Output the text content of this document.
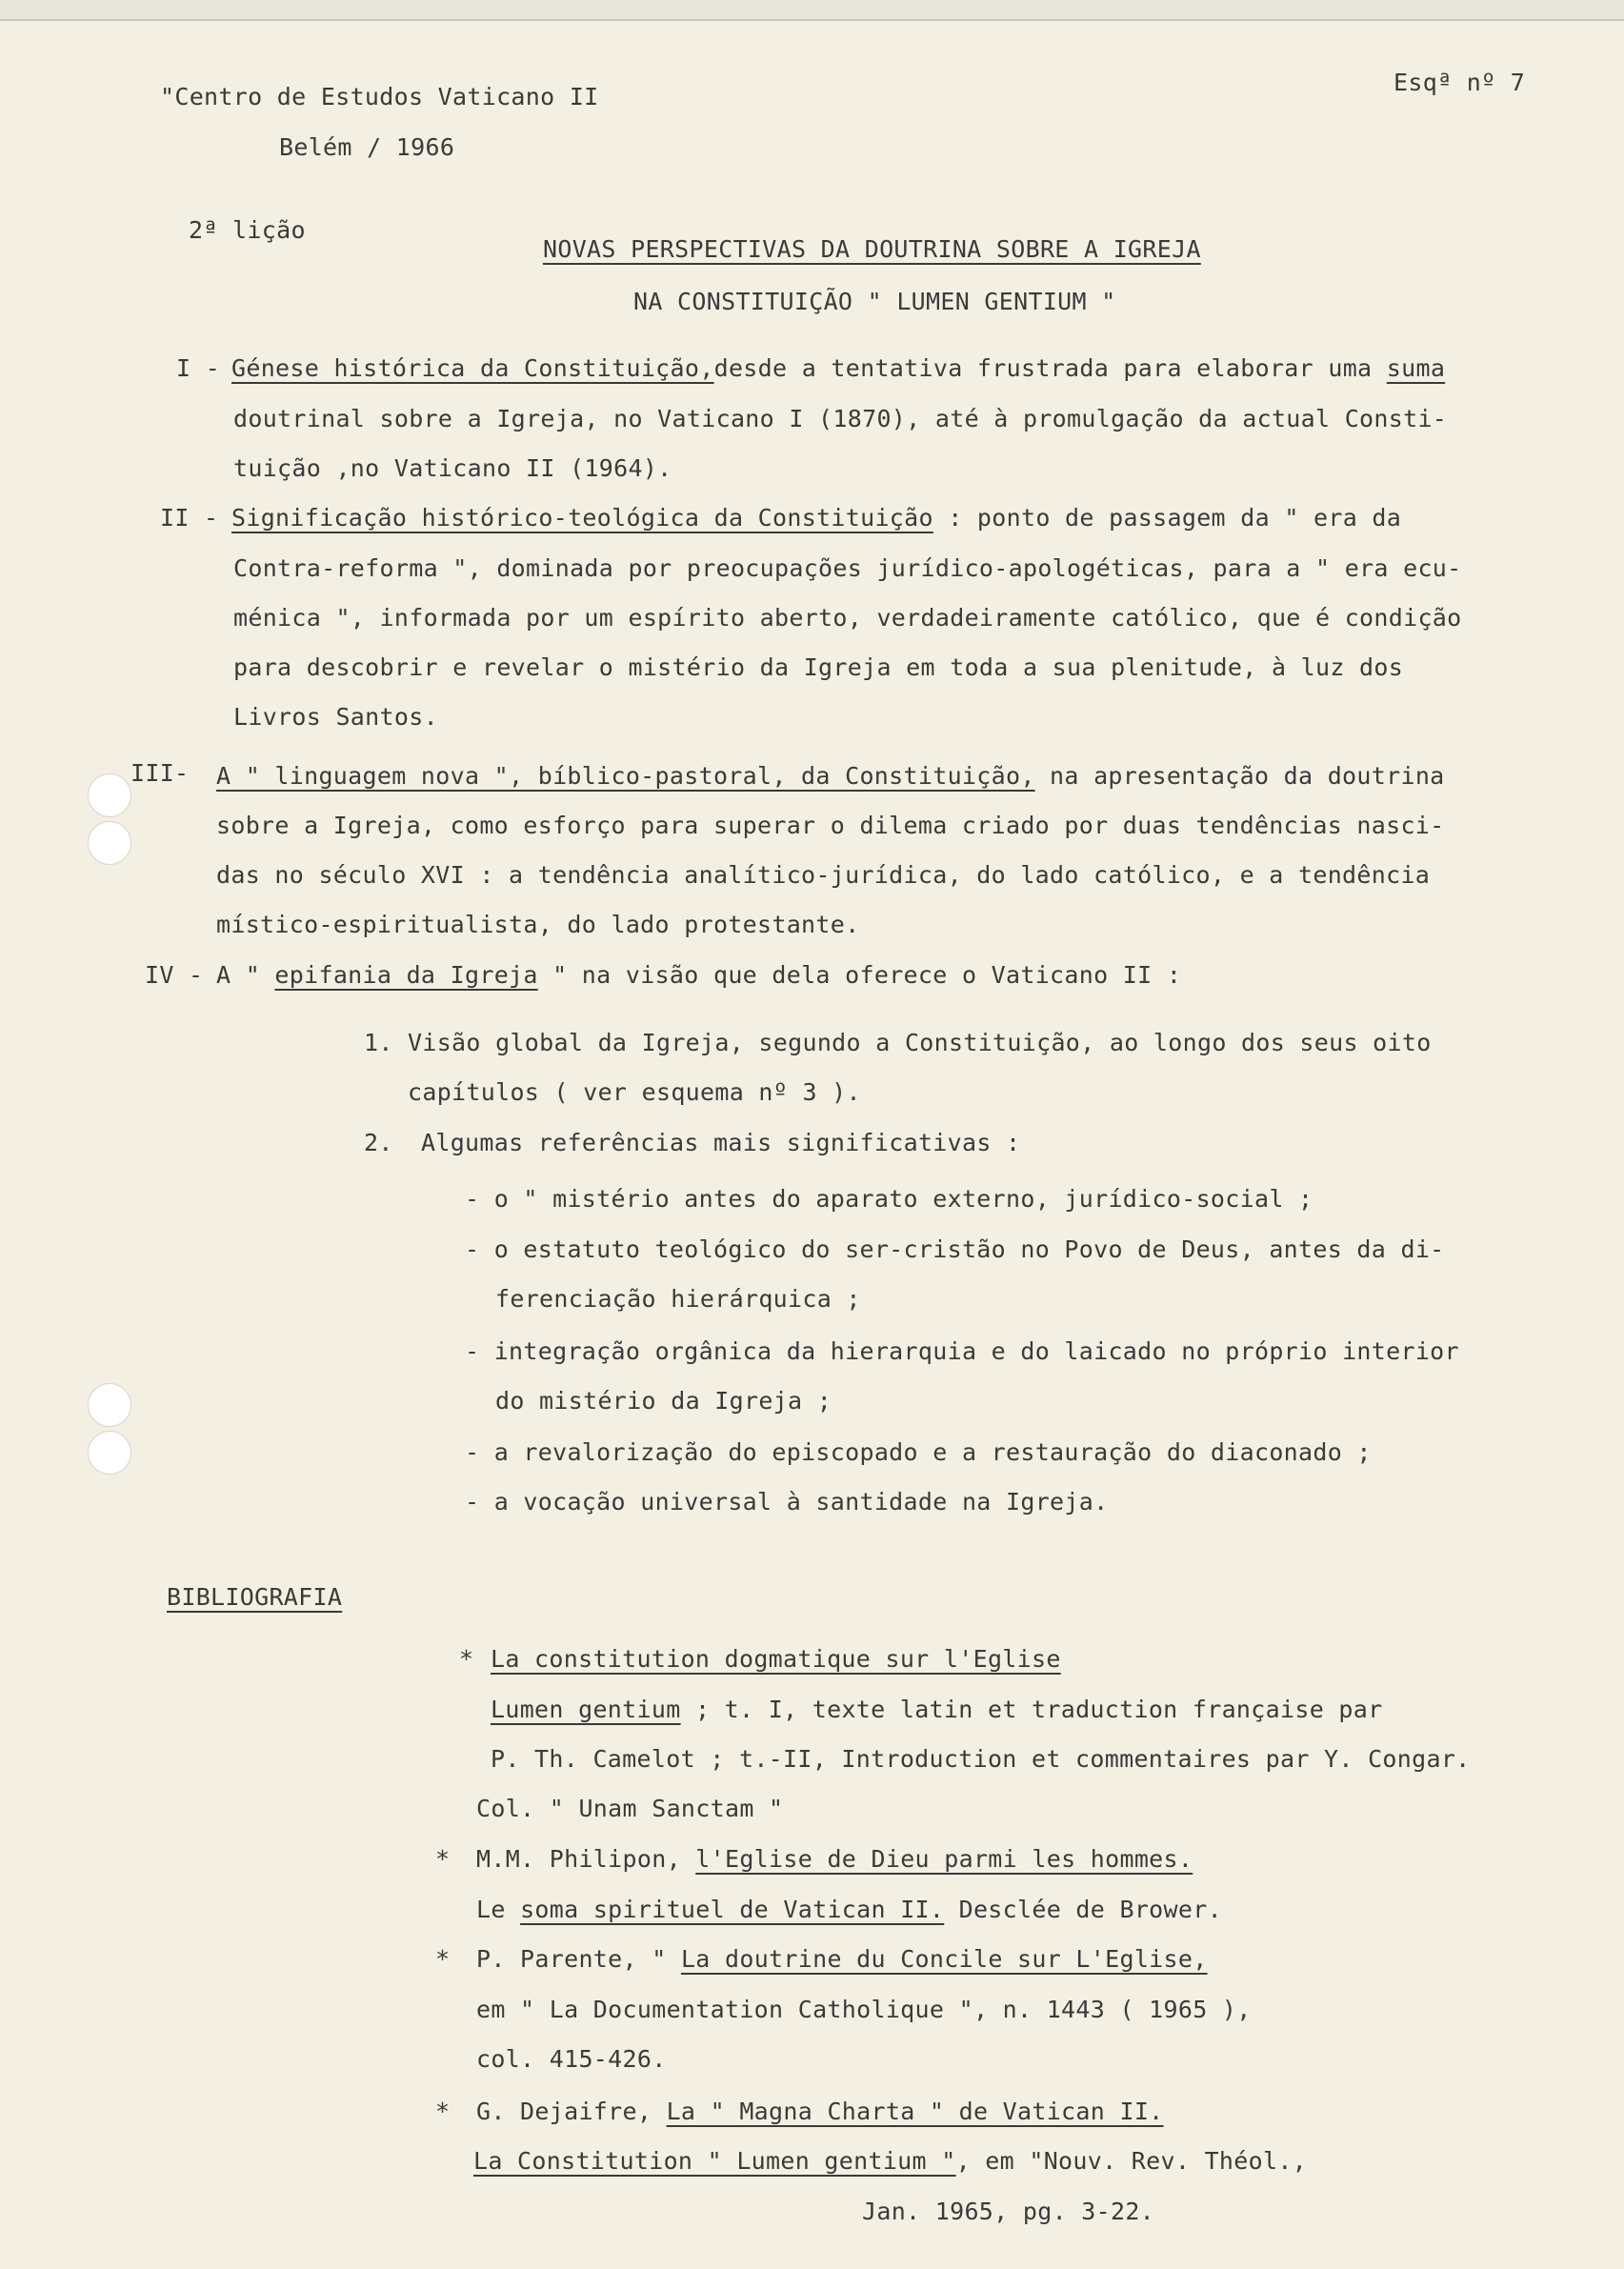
"Centro de Estudos Vaticano II
Belém / 1966
Esqª nº 7
2ª lição
NOVAS PERSPECTIVAS DA DOUTRINA SOBRE A IGREJA
NA CONSTITUIÇÃO " LUMEN GENTIUM "
I - Génese histórica da Constituição,desde a tentativa frustrada para elaborar uma suma
doutrinal sobre a Igreja, no Vaticano I (1870), até à promulgação da actual Consti-
tuição ,no Vaticano II (1964).
II - Significação histórico-teológica da Constituição : ponto de passagem da " era da
Contra-reforma ", dominada por preocupações jurídico-apologéticas, para a " era ecu-
ménica ", informada por um espírito aberto, verdadeiramente católico, que é condição
para descobrir e revelar o mistério da Igreja em toda a sua plenitude, à luz dos
Livros Santos.
III- A " linguagem nova ", bíblico-pastoral, da Constituição, na apresentação da doutrina
sobre a Igreja, como esforço para superar o dilema criado por duas tendências nasci-
das no século XVI : a tendência analítico-jurídica, do lado católico, e a tendência
místico-espiritualista, do lado protestante.
IV - A " epifania da Igreja " na visão que dela oferece o Vaticano II :
1. Visão global da Igreja, segundo a Constituição, ao longo dos seus oito
capítulos ( ver esquema nº 3 ).
2. Algumas referências mais significativas :
- o " mistério antes do aparato externo, jurídico-social ;
- o estatuto teológico do ser-cristão no Povo de Deus, antes da di-
ferenciação hierárquica ;
- integração orgânica da hierarquia e do laicado no próprio interior
do mistério da Igreja ;
- a revalorização do episcopado e a restauração do diaconado ;
- a vocação universal à santidade na Igreja.
BIBLIOGRAFIA
* La constitution dogmatique sur l'Eglise
Lumen gentium ; t. I, texte latin et traduction française par
P. Th. Camelot ; t.-II, Introduction et commentaires par Y. Congar.
Col. " Unam Sanctam "
* M.M. Philipon, l'Eglise de Dieu parmi les hommes.
Le soma spirituel de Vatican II. Desclée de Brower.
* P. Parente, " La doutrine du Concile sur L'Eglise,
em " La Documentation Catholique ", n. 1443 ( 1965 ),
col. 415-426.
* G. Dejaifre, La " Magna Charta " de Vatican II.
La Constitution " Lumen gentium ", em "Nouv. Rev. Théol.,
Jan. 1965, pg. 3-22.
